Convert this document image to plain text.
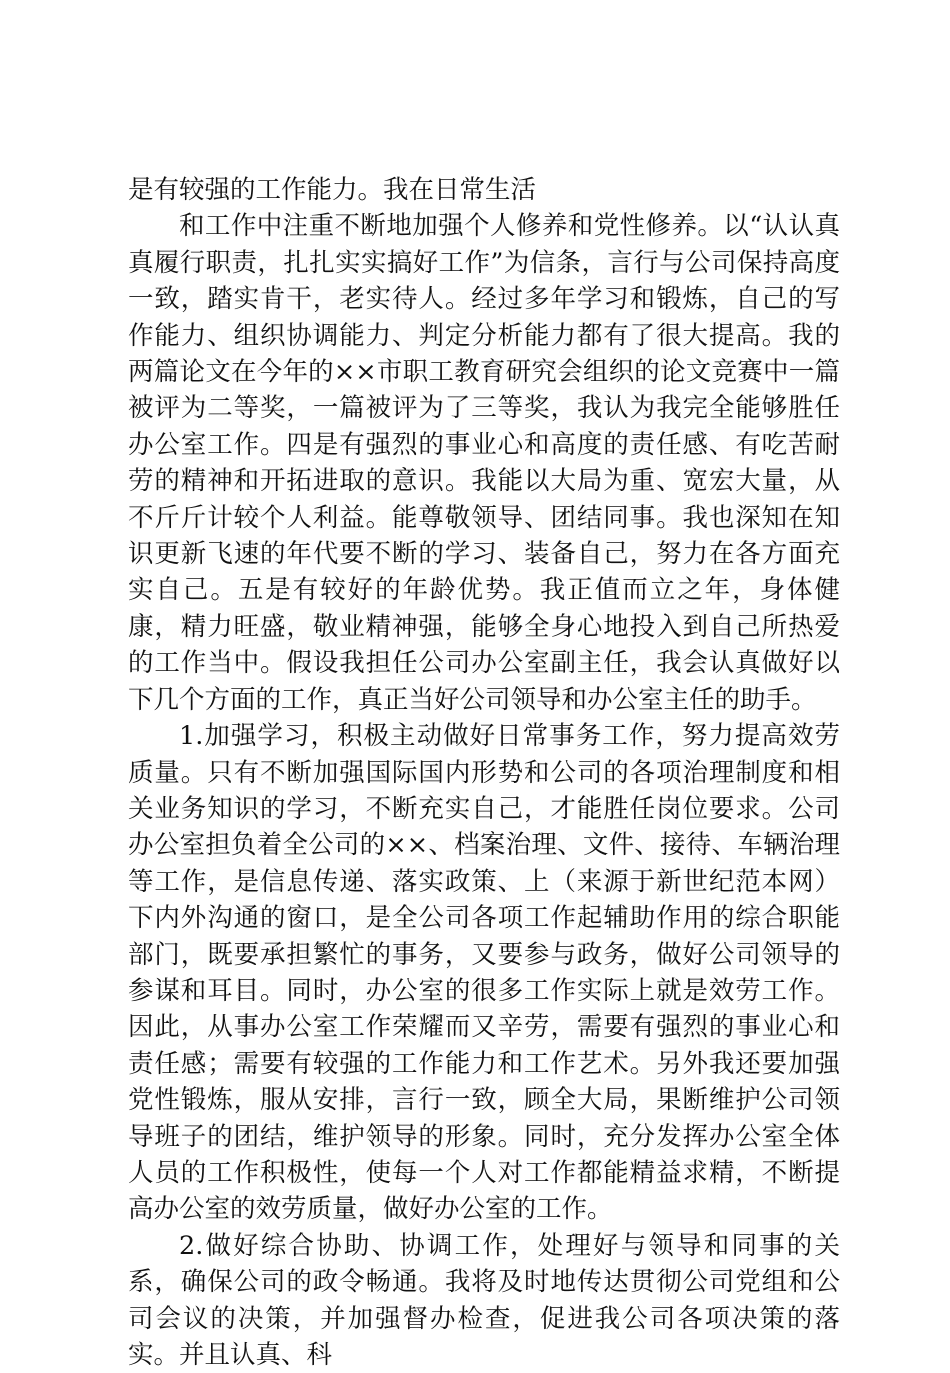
是有较强的工作能力。我在日常生活

和工作中注重不断地加强个人修养和党性修养。以“认认真真履行职责，扎扎实实搞好工作”为信条，言行与公司保持高度一致，踏实肯干，老实待人。经过多年学习和锻炼，自己的写作能力、组织协调能力、判定分析能力都有了很大提高。我的两篇论文在今年的××市职工教育研究会组织的论文竞赛中一篇被评为二等奖，一篇被评为了三等奖，我认为我完全能够胜任办公室工作。四是有强烈的事业心和高度的责任感、有吃苦耐劳的精神和开拓进取的意识。我能以大局为重、宽宏大量，从不斤斤计较个人利益。能尊敬领导、团结同事。我也深知在知识更新飞速的年代要不断的学习、装备自己，努力在各方面充实自己。五是有较好的年龄优势。我正值而立之年，身体健康，精力旺盛，敬业精神强，能够全身心地投入到自己所热爱的工作当中。假设我担任公司办公室副主任，我会认真做好以下几个方面的工作，真正当好公司领导和办公室主任的助手。

1.加强学习，积极主动做好日常事务工作，努力提高效劳质量。只有不断加强国际国内形势和公司的各项治理制度和相关业务知识的学习，不断充实自己，才能胜任岗位要求。公司办公室担负着全公司的××、档案治理、文件、接待、车辆治理等工作，是信息传递、落实政策、上（来源于新世纪范本网）下内外沟通的窗口，是全公司各项工作起辅助作用的综合职能部门，既要承担繁忙的事务，又要参与政务，做好公司领导的参谋和耳目。同时，办公室的很多工作实际上就是效劳工作。因此，从事办公室工作荣耀而又辛劳，需要有强烈的事业心和责任感；需要有较强的工作能力和工作艺术。另外我还要加强党性锻炼，服从安排，言行一致，顾全大局，果断维护公司领导班子的团结，维护领导的形象。同时，充分发挥办公室全体人员的工作积极性，使每一个人对工作都能精益求精，不断提高办公室的效劳质量，做好办公室的工作。

2.做好综合协助、协调工作，处理好与领导和同事的关系，确保公司的政令畅通。我将及时地传达贯彻公司党组和公司会议的决策，并加强督办检查，促进我公司各项决策的落实。并且认真、科
